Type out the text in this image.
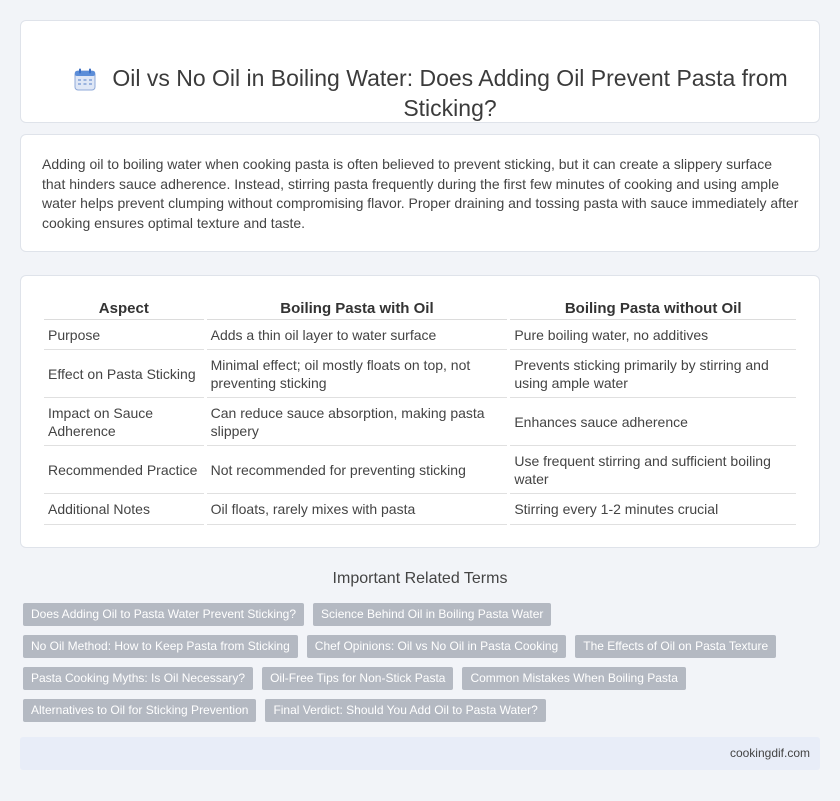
Oil vs No Oil in Boiling Water: Does Adding Oil Prevent Pasta from Sticking?

Adding oil to boiling water when cooking pasta is often believed to prevent sticking, but it can create a slippery surface that hinders sauce adherence. Instead, stirring pasta frequently during the first few minutes of cooking and using ample water helps prevent clumping without compromising flavor. Proper draining and tossing pasta with sauce immediately after cooking ensures optimal texture and taste.

Aspect	Boiling Pasta with Oil	Boiling Pasta without Oil
Purpose	Adds a thin oil layer to water surface	Pure boiling water, no additives
Effect on Pasta Sticking	Minimal effect; oil mostly floats on top, not preventing sticking	Prevents sticking primarily by stirring and using ample water
Impact on Sauce Adherence	Can reduce sauce absorption, making pasta slippery	Enhances sauce adherence
Recommended Practice	Not recommended for preventing sticking	Use frequent stirring and sufficient boiling water
Additional Notes	Oil floats, rarely mixes with pasta	Stirring every 1-2 minutes crucial
Important Related Terms
Does Adding Oil to Pasta Water Prevent Sticking?	Science Behind Oil in Boiling Pasta Water
No Oil Method: How to Keep Pasta from Sticking	Chef Opinions: Oil vs No Oil in Pasta Cooking	The Effects of Oil on Pasta Texture
Pasta Cooking Myths: Is Oil Necessary?	Oil-Free Tips for Non-Stick Pasta	Common Mistakes When Boiling Pasta
Alternatives to Oil for Sticking Prevention	Final Verdict: Should You Add Oil to Pasta Water?
cookingdif.com
